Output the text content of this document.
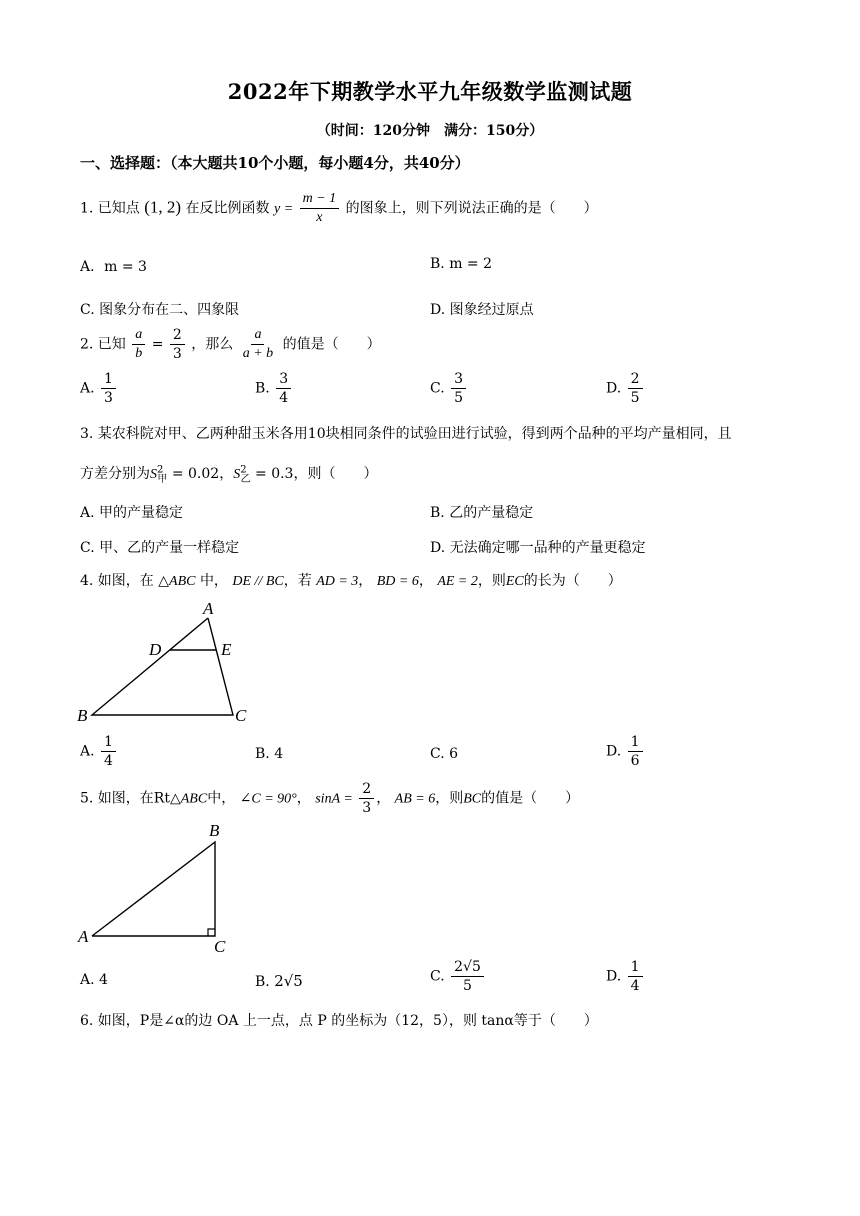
2022年下期教学水平九年级数学监测试题
（时间：120分钟　满分：150分）
一、选择题：（本大题共10个小题，每小题4分，共40分）
1. 已知点 (1, 2) 在反比例函数 $y = \frac{m - 1}{x}$ 的图象上，则下列说法正确的是（　　）
A．m = 3	B. m = 2
C. 图象分布在二、四象限	D. 图象经过原点
2. 已知 $\frac{a}{b} = \frac{2}{3}$ ，那么 $\frac{a}{a + b}$ 的值是（　　）
A. $\frac{1}{3}$	B. $\frac{3}{4}$	C. $\frac{3}{5}$	D. $\frac{2}{5}$
3. 某农科院对甲、乙两种甜玉米各用10块相同条件的试验田进行试验，得到两个品种的平均产量相同，且
方差分别为$S^2_甲 = 0.02$，$S^2_乙 = 0.3$，则（　　）
A. 甲的产量稳定	B. 乙的产量稳定
C. 甲、乙的产量一样稳定	D. 无法确定哪一品种的产量更稳定
4. 如图，在 △ABC 中， DE // BC，若 AD = 3， BD = 6， AE = 2，则EC的长为（　　）
A
D	E
B	C
A. $\frac{1}{4}$	B. 4	C. 6	D. $\frac{1}{6}$
5. 如图，在Rt△ABC中， ∠C = 90°， $\sin A = \frac{2}{3}$ ， AB = 6，则BC的值是（　　）
B
A
C
A. 4	B. 2√5	C. $\frac{2√5}{5}$	D. $\frac{1}{4}$
6. 如图，P是∠α的边 OA 上一点，点 P 的坐标为（12，5），则 tanα等于（　　）
